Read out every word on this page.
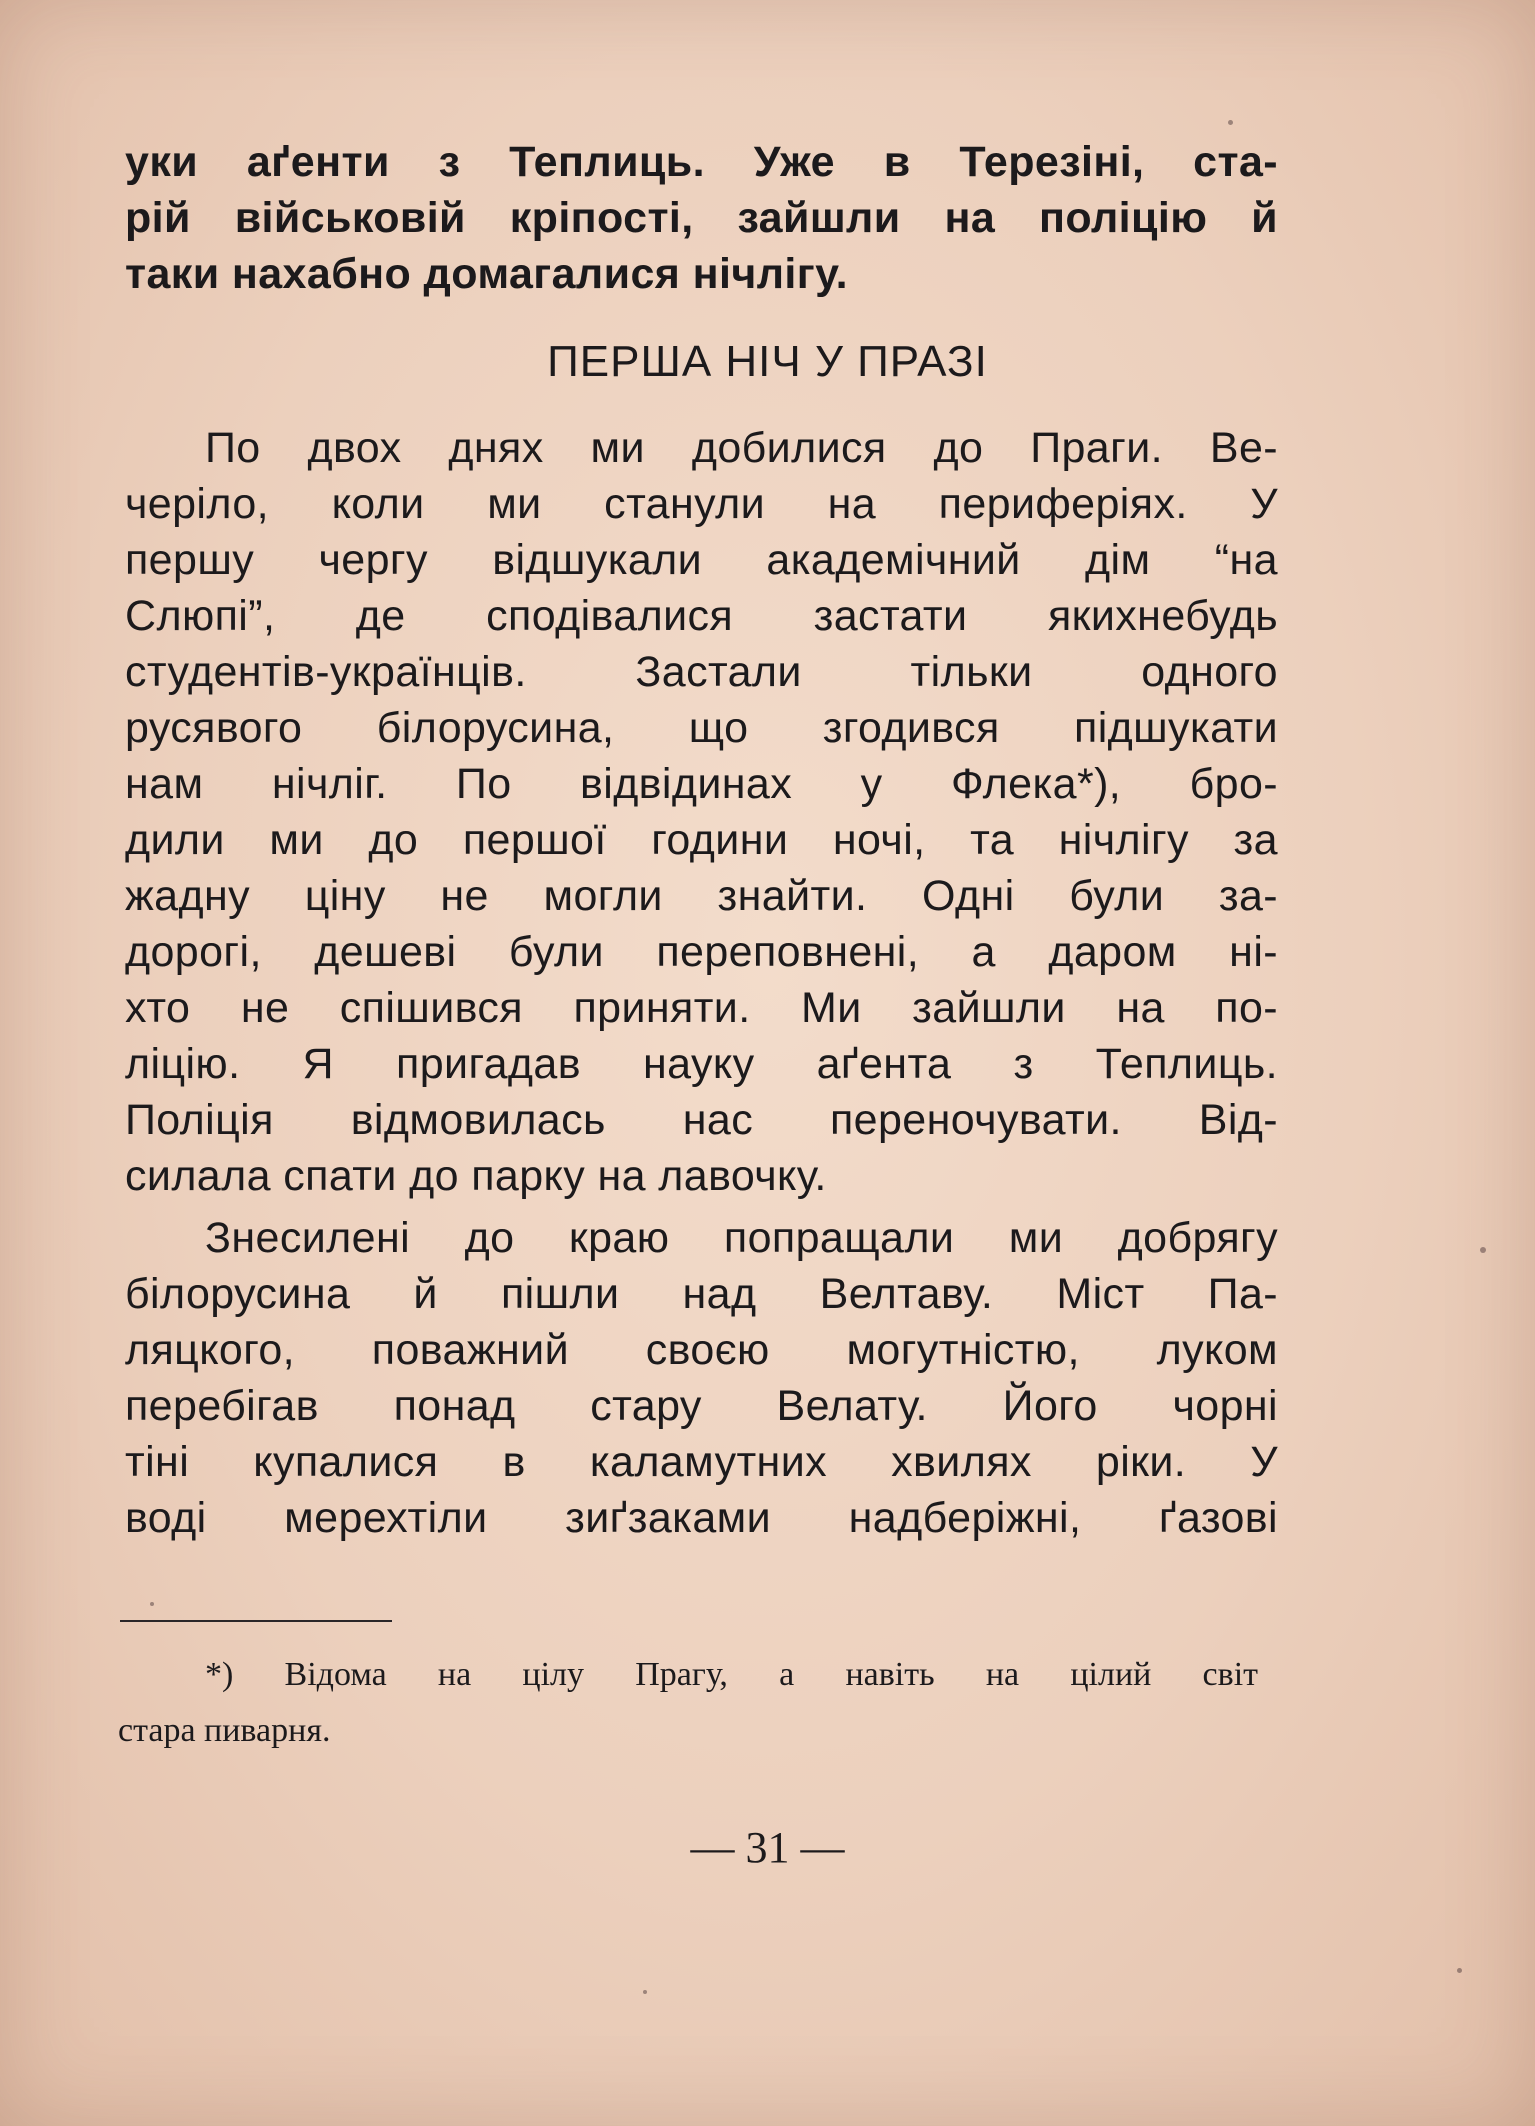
уки аґенти з Теплиць. Уже в Терезіні, ста-

рій військовій кріпості, зайшли на поліцію й

таки нахабно домагалися нічлігу.

ПЕРША НІЧ У ПРАЗІ

По двох днях ми добилися до Праги. Ве-

чеpiло, коли ми станули на периферіях. У

першу чергу відшукали академічний дім “на

Слюпі”, де сподівалися застати якихнебудь

студентів-українців. Застали тільки одного

русявого білорусина, що згодився підшукати

нам нічліг. По відвідинах у Флека*), бро-

дили ми до першої години ночі, та нічлігу за

жадну ціну не могли знайти. Одні були за-

дорогі, дешеві були переповнені, а даром ні-

хто не спішився приняти. Ми зайшли на по-

ліцію. Я пригадав науку аґента з Теплиць.

Поліція відмовилась нас переночувати. Від-

силала спати до парку на лавочку.

Знесилені до краю попращали ми добрягу

білорусина й пішли над Велтаву. Міст Па-

ляцкого, поважний своєю могутністю, луком

перебігав понад стару Велату. Його чорні

тіні купалися в каламутних хвилях ріки. У

воді мерехтіли зиґзаками надберіжні, ґазові

*) Відома на цілу Прагу, а навіть на цілий світ

стара пиварня.

— 31 —
